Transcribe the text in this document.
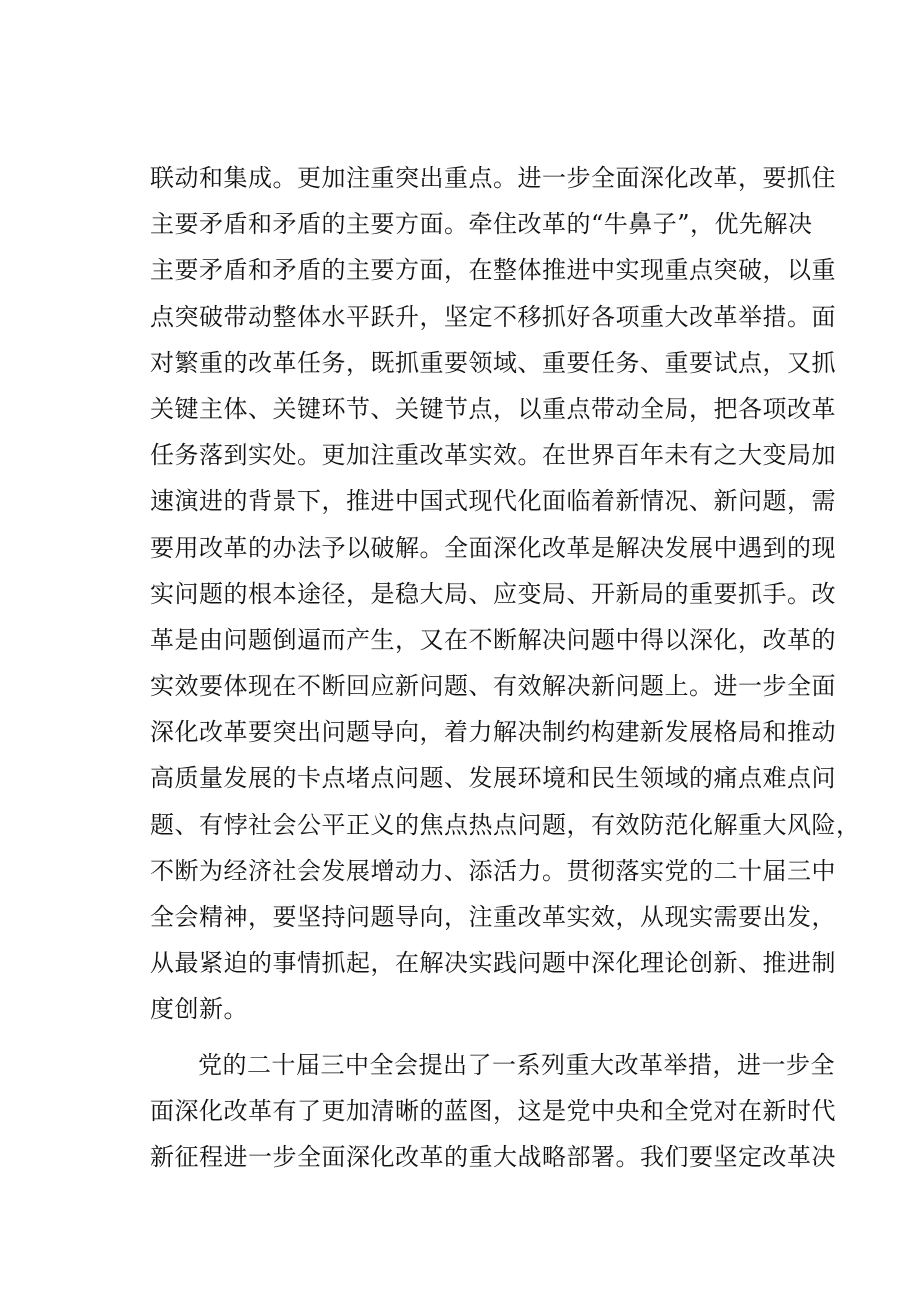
联动和集成。更加注重突出重点。进一步全面深化改革，要抓住
主要矛盾和矛盾的主要方面。牵住改革的“牛鼻子”，优先解决
主要矛盾和矛盾的主要方面，在整体推进中实现重点突破，以重
点突破带动整体水平跃升，坚定不移抓好各项重大改革举措。面
对繁重的改革任务，既抓重要领域、重要任务、重要试点，又抓
关键主体、关键环节、关键节点，以重点带动全局，把各项改革
任务落到实处。更加注重改革实效。在世界百年未有之大变局加
速演进的背景下，推进中国式现代化面临着新情况、新问题，需
要用改革的办法予以破解。全面深化改革是解决发展中遇到的现
实问题的根本途径，是稳大局、应变局、开新局的重要抓手。改
革是由问题倒逼而产生，又在不断解决问题中得以深化，改革的
实效要体现在不断回应新问题、有效解决新问题上。进一步全面
深化改革要突出问题导向，着力解决制约构建新发展格局和推动
高质量发展的卡点堵点问题、发展环境和民生领域的痛点难点问
题、有悖社会公平正义的焦点热点问题，有效防范化解重大风险，
不断为经济社会发展增动力、添活力。贯彻落实党的二十届三中
全会精神，要坚持问题导向，注重改革实效，从现实需要出发，
从最紧迫的事情抓起，在解决实践问题中深化理论创新、推进制
度创新。
党的二十届三中全会提出了一系列重大改革举措，进一步全
面深化改革有了更加清晰的蓝图，这是党中央和全党对在新时代
新征程进一步全面深化改革的重大战略部署。我们要坚定改革决
